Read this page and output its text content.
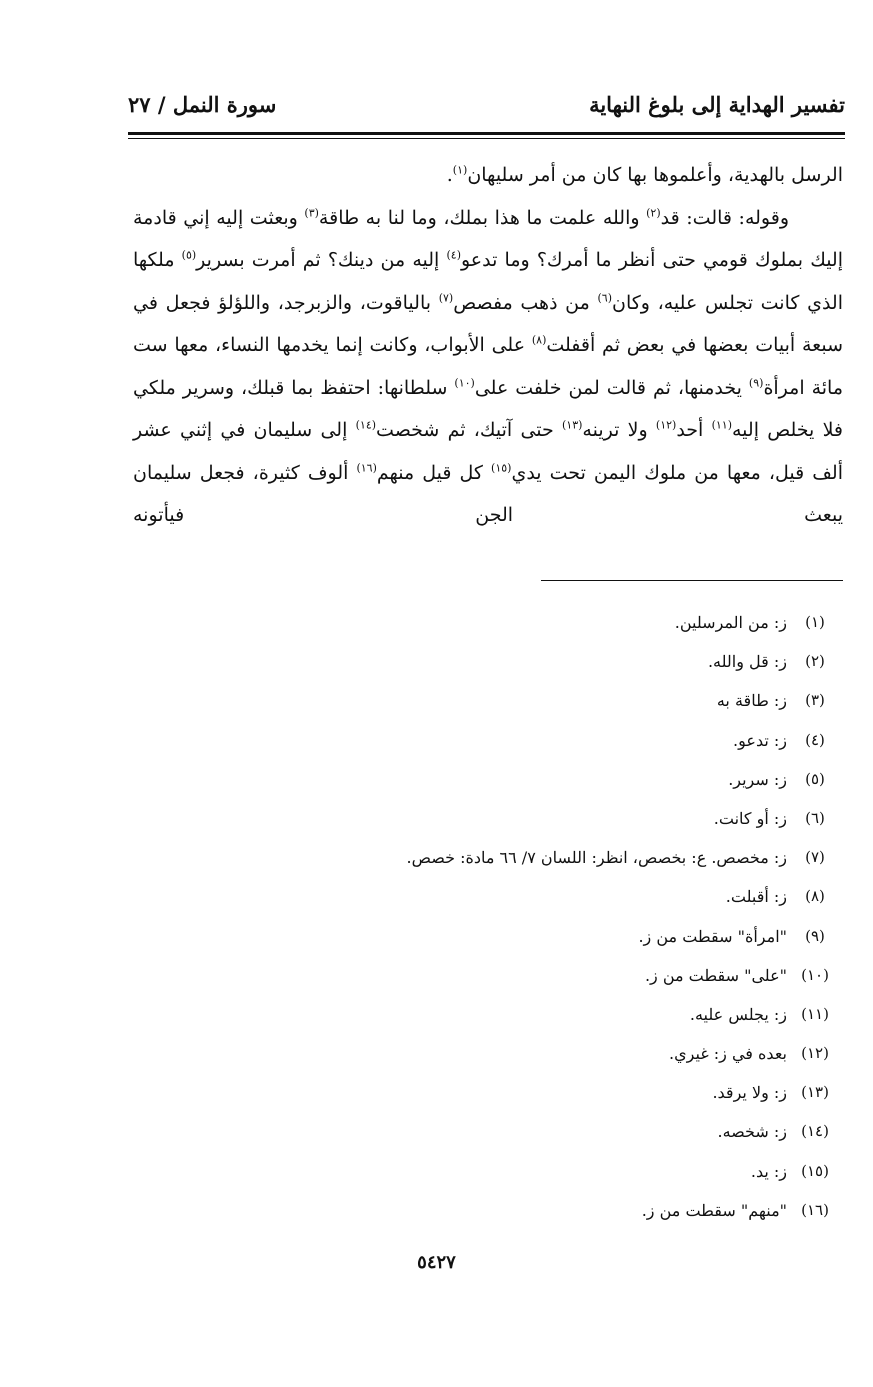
تفسير الهداية إلى بلوغ النهاية
سورة النمل / ٢٧

الرسل بالهدية، وأعلموها بها كان من أمر سليهان$^{(١)}$.

وقوله: قالت: قد$^{(٢)}$ والله علمت ما هذا بملك، وما لنا به طاقة$^{(٣)}$ وبعثت إليه إني قادمة إليك بملوك قومي حتى أنظر ما أمرك؟ وما تدعو$^{(٤)}$ إليه من دينك؟ ثم أمرت بسرير$^{(٥)}$ ملكها الذي كانت تجلس عليه، وكان$^{(٦)}$ من ذهب مفصص$^{(٧)}$ بالياقوت، والزبرجد، واللؤلؤ فجعل في سبعة أبيات بعضها في بعض ثم أقفلت$^{(٨)}$ على الأبواب، وكانت إنما يخدمها النساء، معها ست مائة امرأة$^{(٩)}$ يخدمنها، ثم قالت لمن خلفت على$^{(١٠)}$ سلطانها: احتفظ بما قبلك، وسرير ملكي فلا يخلص إليه$^{(١١)}$ أحد$^{(١٢)}$ ولا ترينه$^{(١٣)}$ حتى آتيك، ثم شخصت$^{(١٤)}$ إلى سليمان في إثني عشر ألف قيل، معها من ملوك اليمن تحت يدي$^{(١٥)}$ كل قيل منهم$^{(١٦)}$ ألوف كثيرة، فجعل سليمان يبعث الجن فيأتونه

(١)
ز: من المرسلين.
(٢)
ز: قل والله.
(٣)
ز: طاقة به
(٤)
ز: تدعو.
(٥)
ز: سرير.
(٦)
ز: أو كانت.
(٧)
ز: مخصص. ع: بخصص، انظر: اللسان ٧/ ٦٦ مادة: خصص.
(٨)
ز: أقبلت.
(٩)
"امرأة" سقطت من ز.
(١٠)
"على" سقطت من ز.
(١١)
ز: يجلس عليه.
(١٢)
بعده في ز: غيري.
(١٣)
ز: ولا يرقد.
(١٤)
ز: شخصه.
(١٥)
ز: يد.
(١٦)
"منهم" سقطت من ز.
٥٤٢٧
